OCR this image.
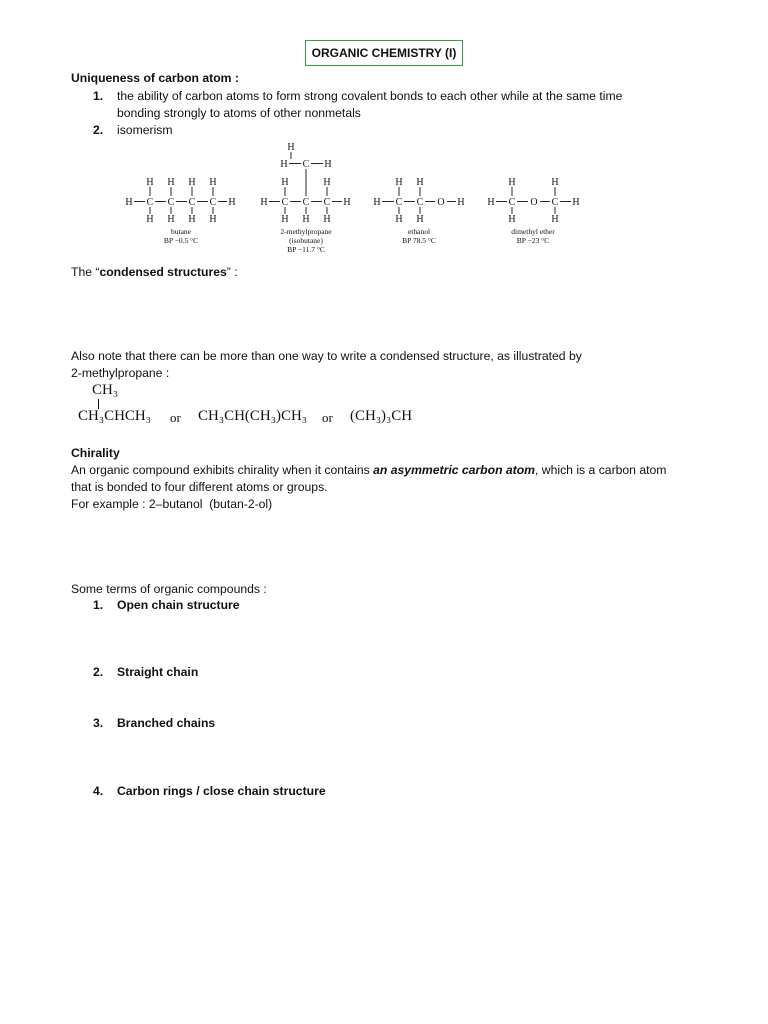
ORGANIC CHEMISTRY (I)
Uniqueness of carbon atom :
1. the ability of carbon atoms to form strong covalent bonds to each other while at the same time
bonding strongly to atoms of other nonmetals
2. isomerism
H C C C C H
H H H H
H H H H
H
H C H
H C C C H
H	H
H H H
H C C O H
H H
H H
H C O C H
H	H
H	H
butane
BP −0.5 °C
2-methylpropane
(isobutane)
BP −11.7 °C
ethanol
BP 78.5 °C
dimethyl ether
BP −23 °C
The “condensed structures” :
Also note that there can be more than one way to write a condensed structure, as illustrated by
2-methylpropane :
CH₃
CH₃CHCH₃ or CH₃CH(CH₃)CH₃ or (CH₃)₃CH
Chirality
An organic compound exhibits chirality when it contains an asymmetric carbon atom, which is a carbon atom
that is bonded to four different atoms or groups.
For example : 2–butanol  (butan-2-ol)
Some terms of organic compounds :
1. Open chain structure
2. Straight chain
3. Branched chains
4. Carbon rings / close chain structure
